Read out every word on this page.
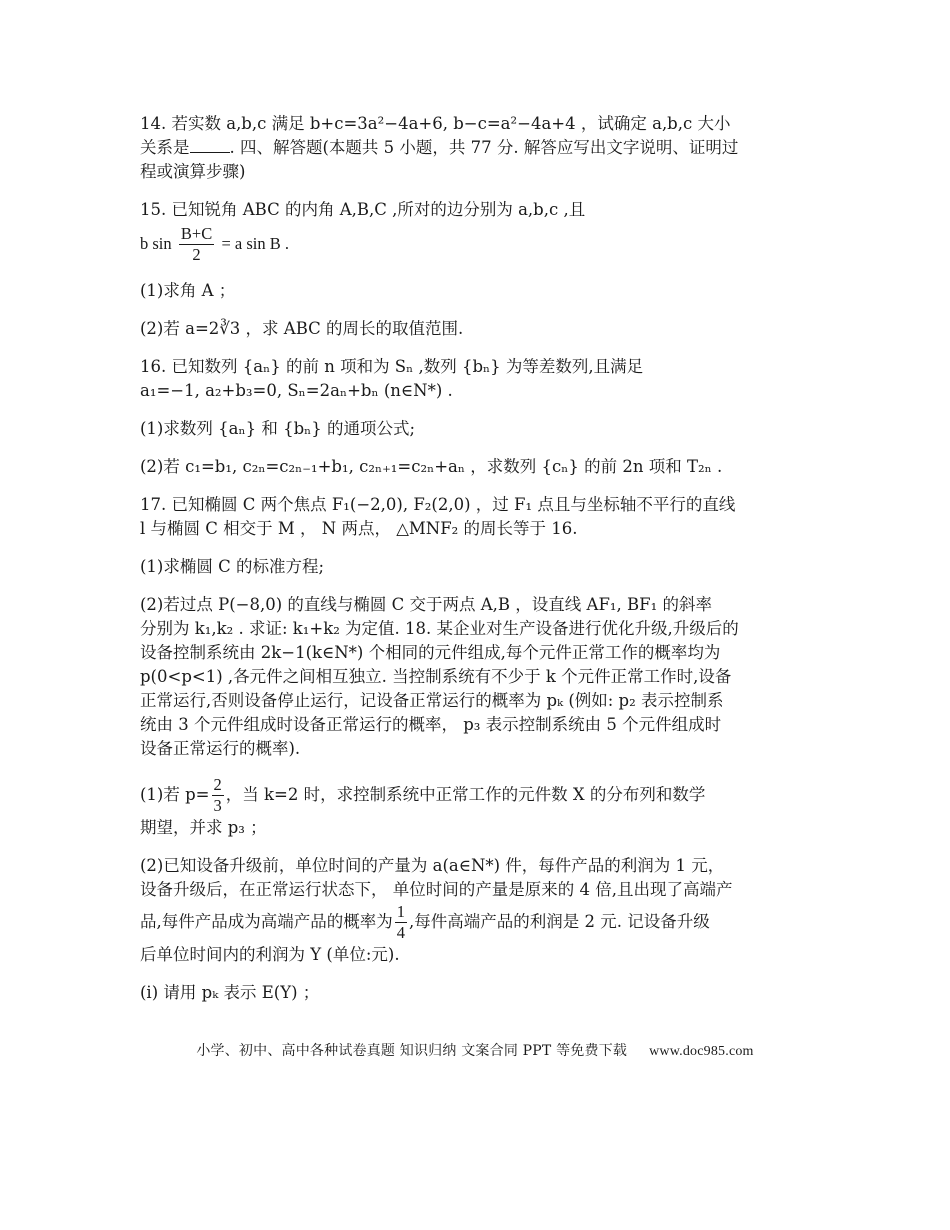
14. 若实数 a,b,c 满足 b+c=3a²−4a+6, b−c=a²−4a+4 ，试确定 a,b,c 大小
关系是 . 四、解答题(本题共 5 小题，共 77 分. 解答应写出文字说明、证明过
程或演算步骤)
15. 已知锐角 ABC 的内角 A,B,C ,所对的边分别为 a,b,c ,且
b $\sin \frac{B+C}{2} = a$ sin B .
(1)求角 A ；
(2)若 a=2∛3 ，求 ABC 的周长的取值范围.
16. 已知数列 {aₙ} 的前 n 项和为 Sₙ ,数列 {bₙ} 为等差数列,且满足
a₁=−1, a₂+b₃=0, Sₙ=2aₙ+bₙ (n∈N*) .
(1)求数列 {aₙ} 和 {bₙ} 的通项公式;
(2)若 c₁=b₁, c₂ₙ=c₂ₙ₋₁+b₁, c₂ₙ₊₁=c₂ₙ+aₙ ，求数列 {cₙ} 的前 2n 项和 T₂ₙ .
17. 已知椭圆 C 两个焦点 F₁(−2,0), F₂(2,0) ，过 F₁ 点且与坐标轴不平行的直线
l 与椭圆 C 相交于 M ， N 两点， △MNF₂ 的周长等于 16.
(1)求椭圆 C 的标准方程;
(2)若过点 P(−8,0) 的直线与椭圆 C 交于两点 A,B ，设直线 AF₁, BF₁ 的斜率
分别为 k₁,k₂ . 求证: k₁+k₂ 为定值. 18. 某企业对生产设备进行优化升级,升级后的
设备控制系统由 2k−1(k∈N*) 个相同的元件组成,每个元件正常工作的概率均为
p(0<p<1) ,各元件之间相互独立. 当控制系统有不少于 k 个元件正常工作时,设备
正常运行,否则设备停止运行，记设备正常运行的概率为 pₖ (例如: p₂ 表示控制系
统由 3 个元件组成时设备正常运行的概率， p₃ 表示控制系统由 5 个元件组成时
设备正常运行的概率).
(1)若 $p= \frac{2}{3}$ ，当 k=2 时，求控制系统中正常工作的元件数 X 的分布列和数学
期望，并求 p₃ ；
(2)已知设备升级前，单位时间的产量为 a(a∈N*) 件，每件产品的利润为 1 元，
设备升级后，在正常运行状态下， 单位时间的产量是原来的 4 倍,且出现了高端产
品,每件产品成为高端产品的概率为 $\frac{1}{4}$ ,每件高端产品的利润是 2 元. 记设备升级
后单位时间内的利润为 Y (单位:元).
(i) 请用 pₖ 表示 E(Y) ；
小学、初中、高中各种试卷真题 知识归纳 文案合同 PPT 等免费下载 www.doc985.com
